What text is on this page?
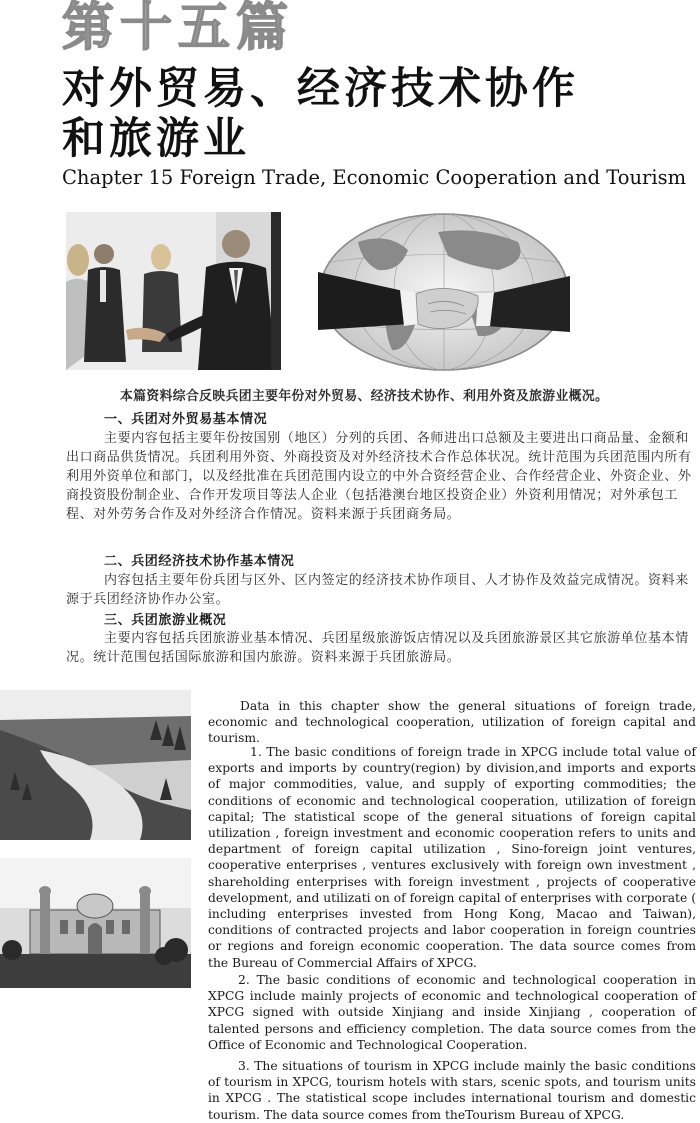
第十五篇
对外贸易、经济技术协作
和旅游业
Chapter 15 Foreign Trade, Economic Cooperation and Tourism
本篇资料综合反映兵团主要年份对外贸易、经济技术协作、利用外资及旅游业概况。
一、兵团对外贸易基本情况
主要内容包括主要年份按国别（地区）分列的兵团、各师进出口总额及主要进出口商品量、金额和出口商品供货情况。兵团利用外资、外商投资及对外经济技术合作总体状况。统计范围为兵团范围内所有利用外资单位和部门，以及经批准在兵团范围内设立的中外合资经营企业、合作经营企业、外资企业、外商投资股份制企业、合作开发项目等法人企业（包括港澳台地区投资企业）外资利用情况；对外承包工程、对外劳务合作及对外经济合作情况。资料来源于兵团商务局。
二、兵团经济技术协作基本情况
内容包括主要年份兵团与区外、区内签定的经济技术协作项目、人才协作及效益完成情况。资料来源于兵团经济协作办公室。
三、兵团旅游业概况
主要内容包括兵团旅游业基本情况、兵团星级旅游饭店情况以及兵团旅游景区其它旅游单位基本情况。统计范围包括国际旅游和国内旅游。资料来源于兵团旅游局。
Data in this chapter show the general situations of foreign trade, economic and technological cooperation, utilization of foreign capital and tourism.
1. The basic conditions of foreign trade in XPCG include total value of exports and imports by country(region) by division,and imports and exports of major commodities, value, and supply of exporting commodities; the conditions of economic and technological cooperation, utilization of foreign capital; The statistical scope of the general situations of foreign capital utilization , foreign investment and economic cooperation refers to units and department of foreign capital utilization , Sino-foreign joint ventures, cooperative enterprises , ventures exclusively with foreign own investment , shareholding enterprises with foreign investment , projects of cooperative development, and utilizati on of foreign capital of enterprises with corporate ( including enterprises invested from Hong Kong, Macao and Taiwan), conditions of contracted projects and labor cooperation in foreign countries or regions and foreign economic cooperation. The data source comes from the Bureau of Commercial Affairs of XPCG.
2. The basic conditions of economic and technological cooperation in XPCG include mainly projects of economic and technological cooperation of XPCG signed with outside Xinjiang and inside Xinjiang , cooperation of talented persons and efficiency completion. The data source comes from the Office of Economic and Technological Cooperation.
3. The situations of tourism in XPCG include mainly the basic conditions of tourism in XPCG, tourism hotels with stars, scenic spots, and tourism units in XPCG . The statistical scope includes international tourism and domestic tourism. The data source comes from theTourism Bureau of XPCG.
